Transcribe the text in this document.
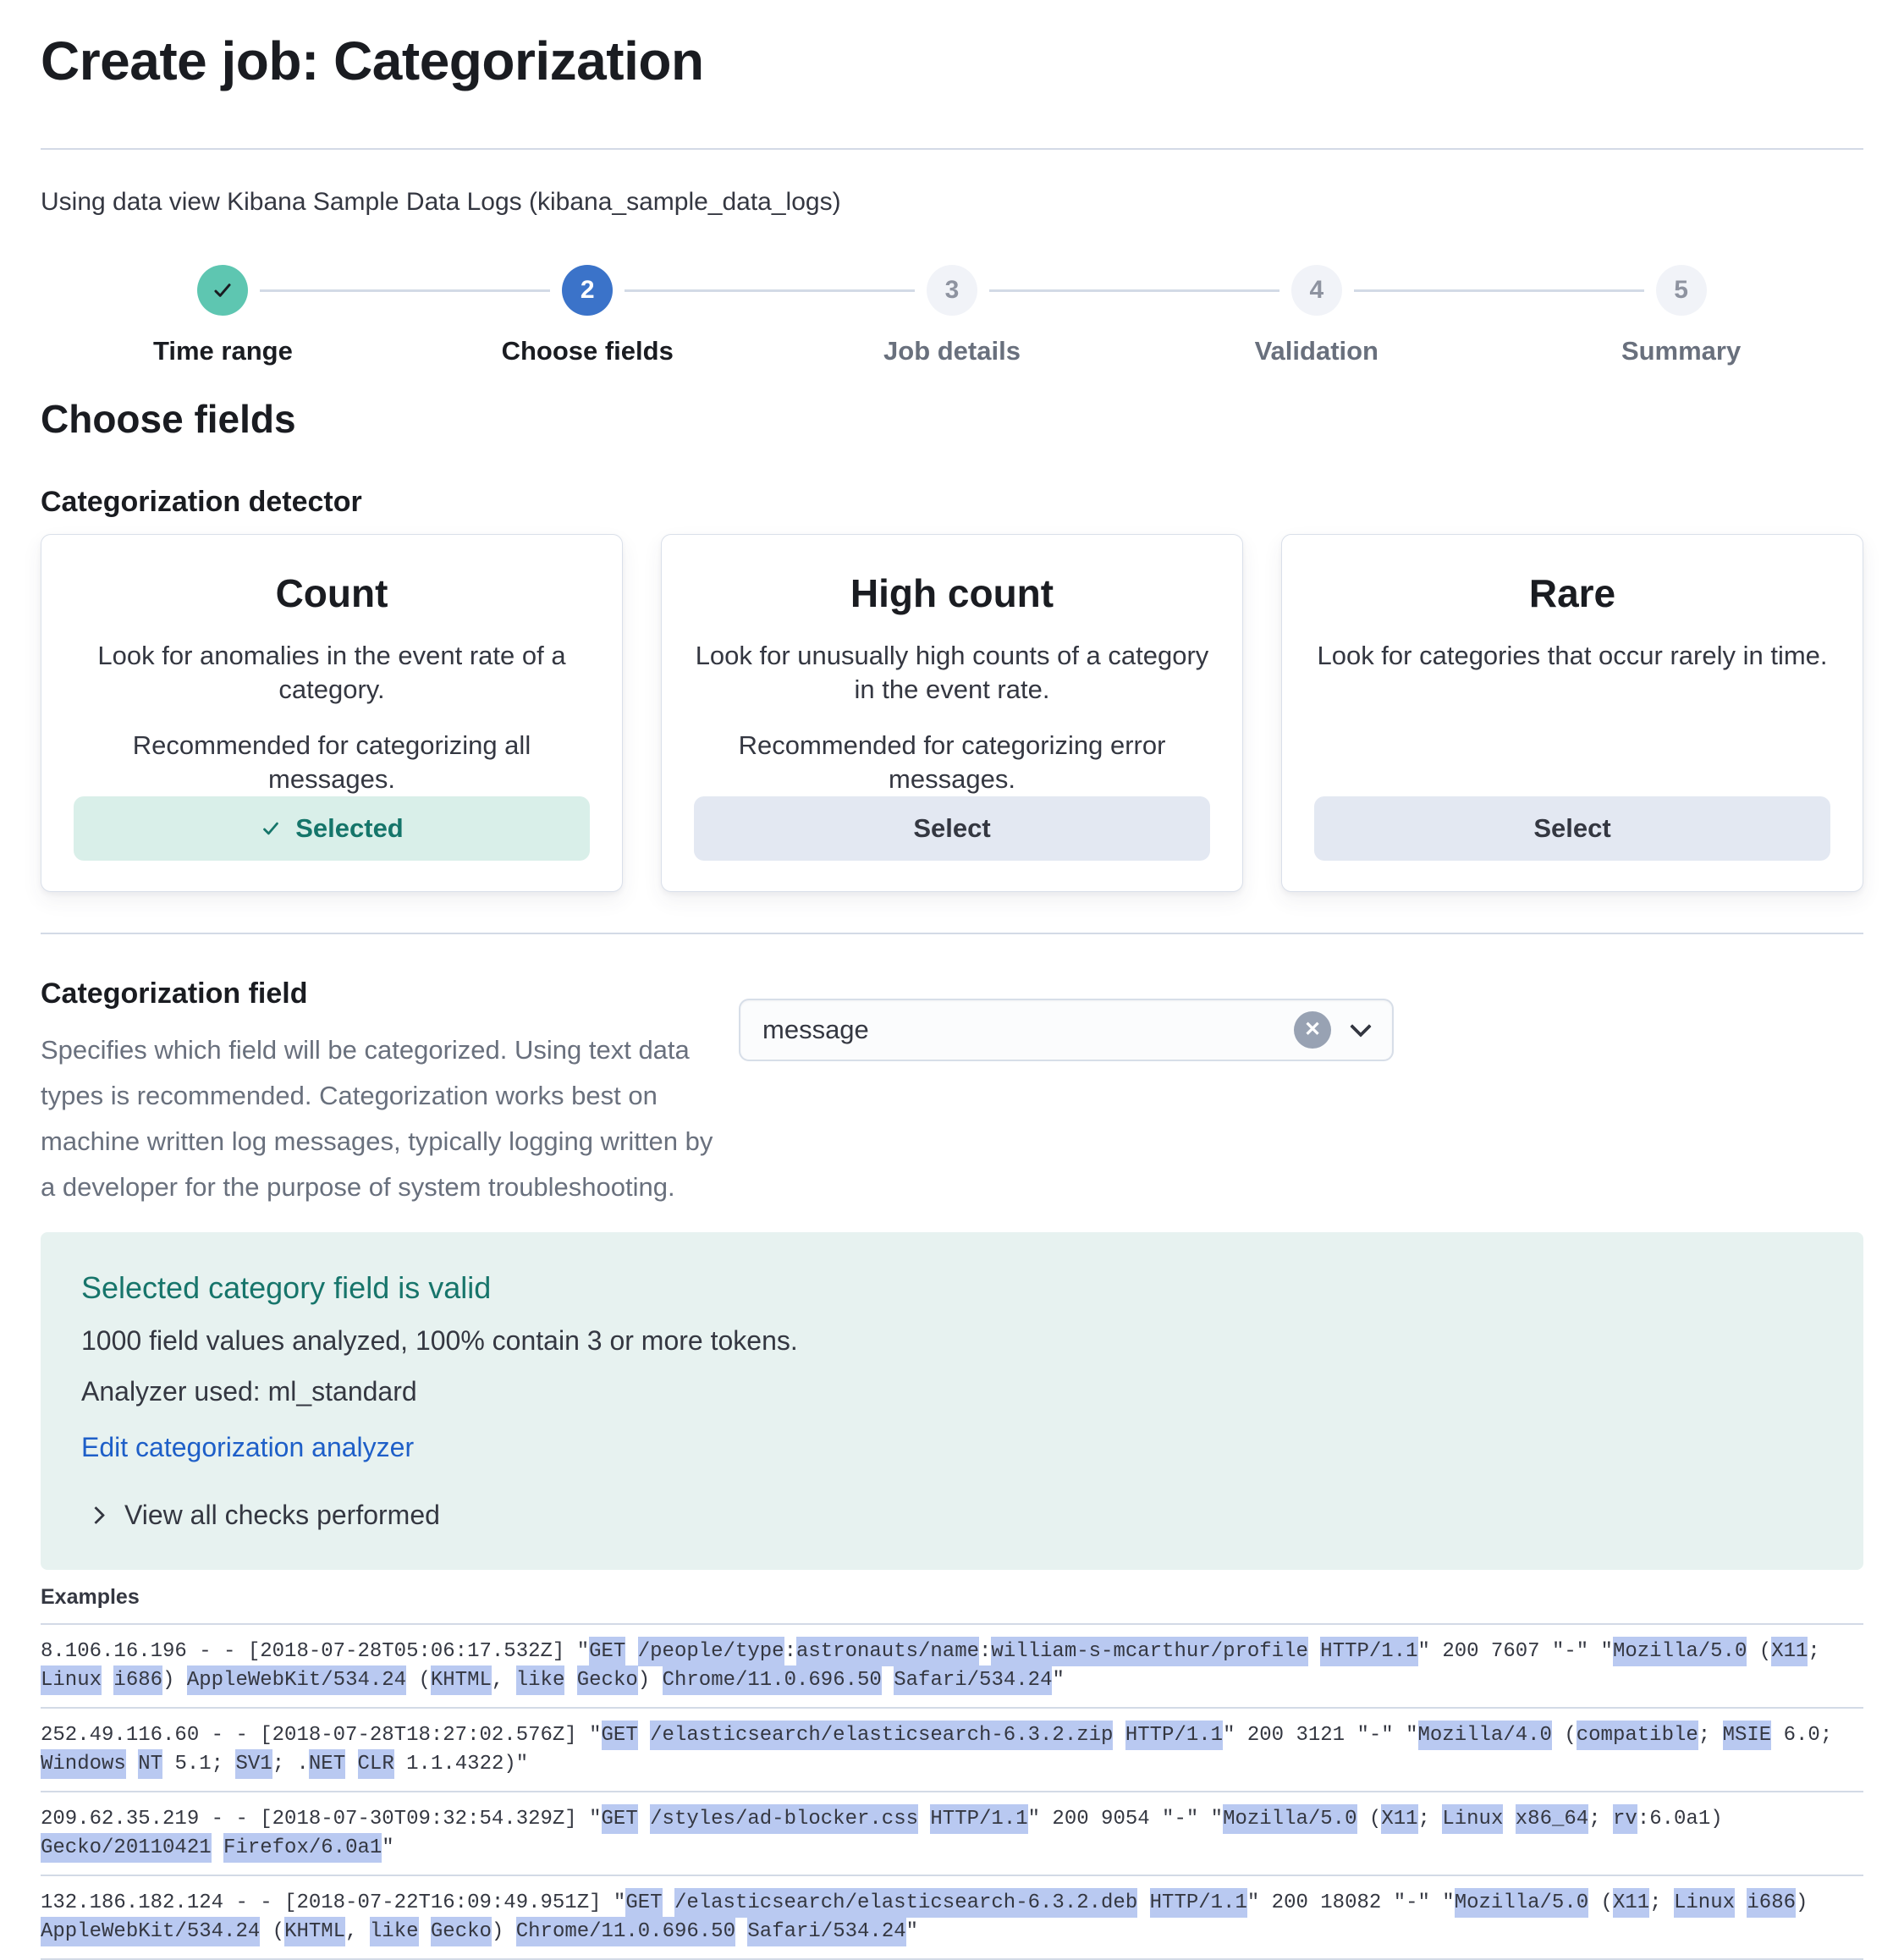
Create job: Categorization

Using data view Kibana Sample Data Logs (kibana_sample_data_logs)

Time range
2
Choose fields
3
Job details
4
Validation
5
Summary
Choose fields
Categorization detector
Count
Look for anomalies in the event rate of a category.
Recommended for categorizing all messages.
Selected
High count
Look for unusually high counts of a category in the event rate.
Recommended for categorizing error messages.
Select
Rare
Look for categories that occur rarely in time.
Select
Categorization field

Specifies which field will be categorized. Using text data types is recommended. Categorization works best on machine written log messages, typically logging written by a developer for the purpose of system troubleshooting.

message	✕
Selected category field is valid

1000 field values analyzed, 100% contain 3 or more tokens.

Analyzer used: ml_standard

Edit categorization analyzer
View all checks performed
Examples
8.106.16.196 - - [2018-07-28T05:06:17.532Z] "GET /people/type:astronauts/name:william-s-mcarthur/profile HTTP/1.1" 200 7607 "-" "Mozilla/5.0 (X11; Linux i686) AppleWebKit/534.24 (KHTML, like Gecko) Chrome/11.0.696.50 Safari/534.24"
252.49.116.60 - - [2018-07-28T18:27:02.576Z] "GET /elasticsearch/elasticsearch-6.3.2.zip HTTP/1.1" 200 3121 "-" "Mozilla/4.0 (compatible; MSIE 6.0; Windows NT 5.1; SV1; .NET CLR 1.1.4322)"
209.62.35.219 - - [2018-07-30T09:32:54.329Z] "GET /styles/ad-blocker.css HTTP/1.1" 200 9054 "-" "Mozilla/5.0 (X11; Linux x86_64; rv:6.0a1) Gecko/20110421 Firefox/6.0a1"
132.186.182.124 - - [2018-07-22T16:09:49.951Z] "GET /elasticsearch/elasticsearch-6.3.2.deb HTTP/1.1" 200 18082 "-" "Mozilla/5.0 (X11; Linux i686) AppleWebKit/534.24 (KHTML, like Gecko) Chrome/11.0.696.50 Safari/534.24"
